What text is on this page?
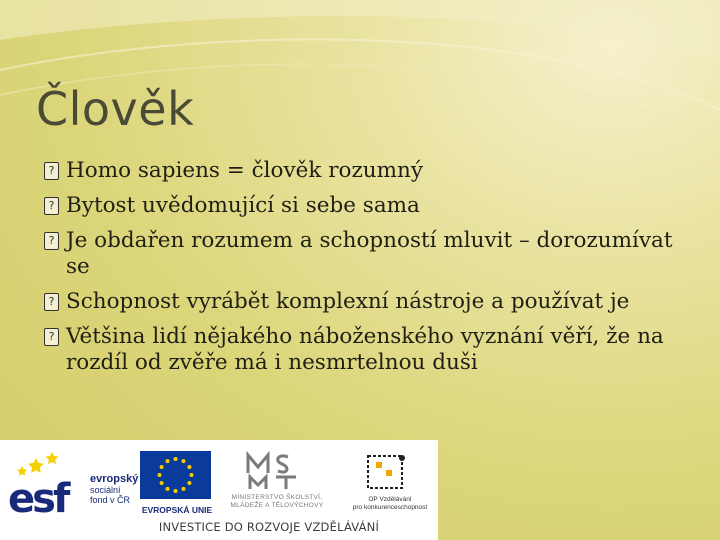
Člověk
?
Homo sapiens = člověk rozumný
?
Bytost uvědomující si sebe sama
?
Je obdařen rozumem a schopností mluvit – dorozumívat se
?
Schopnost vyrábět komplexní nástroje a používat je
?
Většina lidí nějakého náboženského vyznání věří, že na rozdíl od zvěře má i nesmrtelnou duši
esf	evropský
sociální
fond v ČR
EVROPSKÁ UNIE
MINISTERSTVO ŠKOLSTVÍ,
MLÁDEŽE A TĚLOVÝCHOVY
OP Vzdělávání
pro konkurenceschopnost
INVESTICE DO ROZVOJE VZDĚLÁVÁNÍ
